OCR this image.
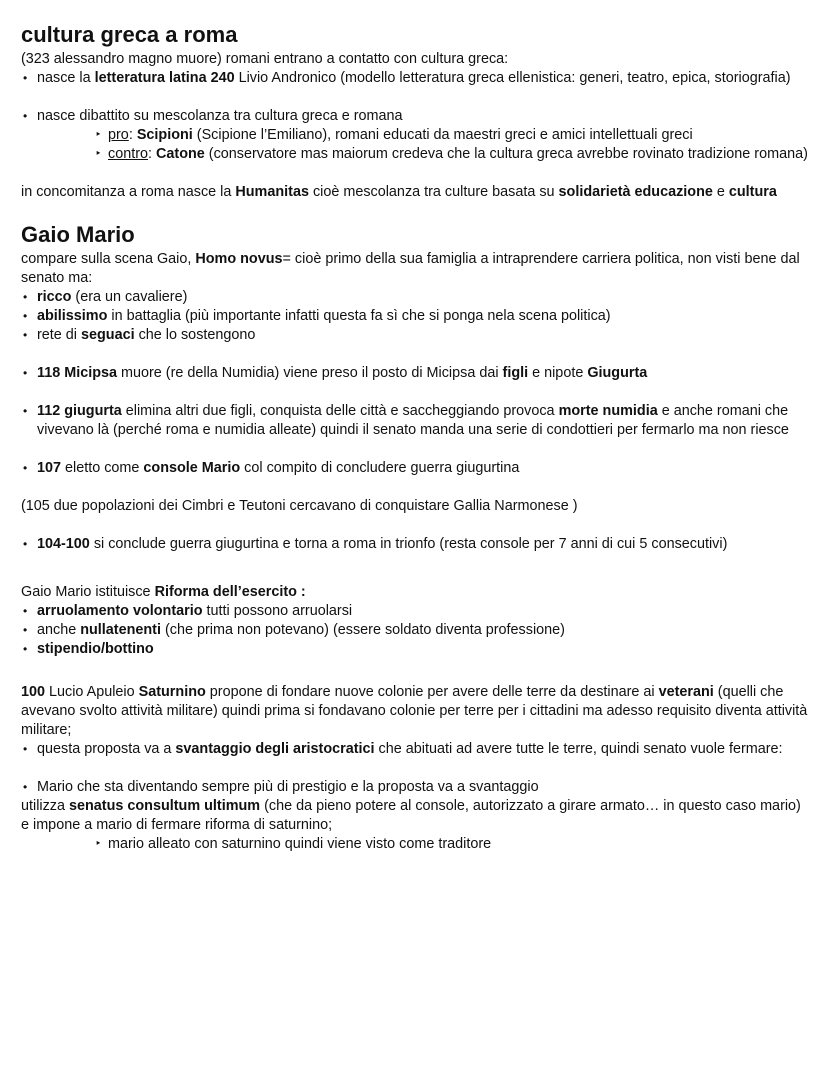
cultura greca a roma

(323 alessandro magno muore) romani entrano a contatto con cultura greca:

• nasce la letteratura latina 240 Livio Andronico (modello letteratura greca ellenistica: generi, teatro, epica, storiografia)

• nasce dibattito su mescolanza tra cultura greca e romana

‣ pro: Scipioni (Scipione l’Emiliano), romani educati da maestri greci e amici intellettuali greci

‣ contro: Catone (conservatore mas maiorum credeva che la cultura greca avrebbe rovinato tradizione romana)

in concomitanza a roma nasce la Humanitas cioè mescolanza tra culture basata su solidarietà educazione e cultura

Gaio Mario

compare sulla scena Gaio, Homo novus= cioè primo della sua famiglia a intraprendere carriera politica, non visti bene dal senato ma:

• ricco (era un cavaliere)

• abilissimo in battaglia (più importante infatti questa fa sì che si ponga nela scena politica)

• rete di seguaci che lo sostengono

• 118 Micipsa muore (re della Numidia) viene preso il posto di Micipsa dai figli e nipote Giugurta

• 112 giugurta elimina altri due figli, conquista delle città e saccheggiando provoca morte numidia e anche romani che vivevano là (perché roma e numidia alleate) quindi il senato manda una serie di condottieri per fermarlo ma non riesce

• 107 eletto come console Mario col compito di concludere guerra giugurtina

(105 due popolazioni dei Cimbri e Teutoni cercavano di conquistare Gallia Narmonese )

• 104-100 si conclude guerra giugurtina e torna a roma in trionfo (resta console per 7 anni di cui 5 consecutivi)

Gaio Mario istituisce Riforma dell’esercito :

• arruolamento volontario tutti possono arruolarsi

• anche nullatenenti (che prima non potevano) (essere soldato diventa professione)

• stipendio/bottino

100 Lucio Apuleio Saturnino propone di fondare nuove colonie per avere delle terre da destinare ai veterani (quelli che avevano svolto attività militare) quindi prima si fondavano colonie per terre per i cittadini ma adesso requisito diventa attività militare;

• questa proposta va a svantaggio degli aristocratici che abituati ad avere tutte le terre, quindi senato vuole fermare:

• Mario che sta diventando sempre più di prestigio e la proposta va a svantaggio

utilizza senatus consultum ultimum (che da pieno potere al console, autorizzato a girare armato… in questo caso mario) e impone a mario di fermare riforma di saturnino;

‣ mario alleato con saturnino quindi viene visto come traditore
